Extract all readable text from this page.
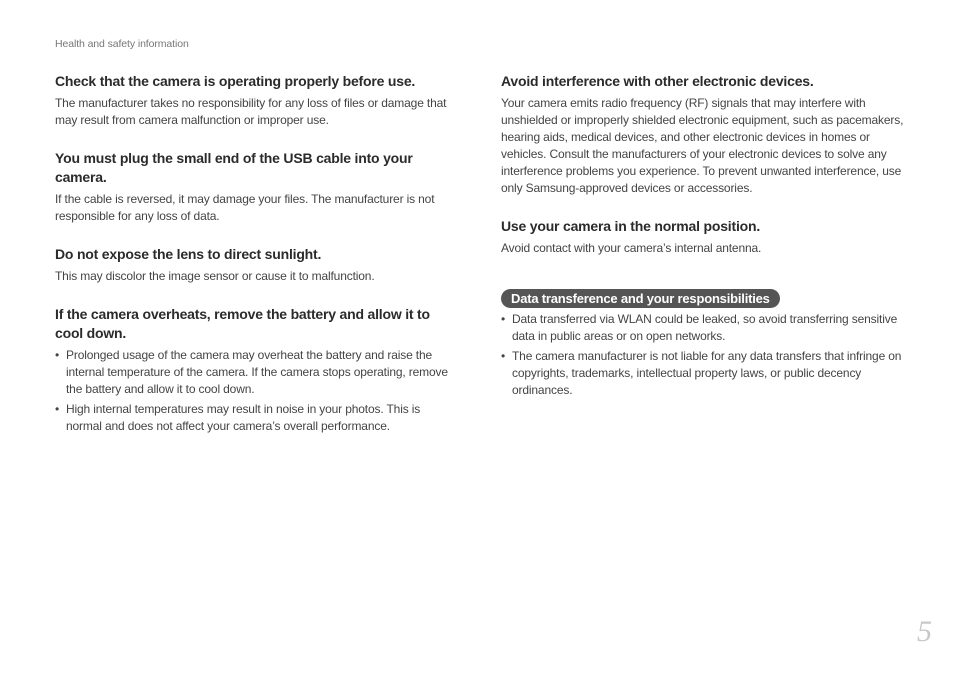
Health and safety information
Check that the camera is operating properly before use.

The manufacturer takes no responsibility for any loss of files or damage that may result from camera malfunction or improper use.

You must plug the small end of the USB cable into your camera.

If the cable is reversed, it may damage your files. The manufacturer is not responsible for any loss of data.

Do not expose the lens to direct sunlight.

This may discolor the image sensor or cause it to malfunction.

If the camera overheats, remove the battery and allow it to cool down.
• Prolonged usage of the camera may overheat the battery and raise the internal temperature of the camera. If the camera stops operating, remove the battery and allow it to cool down.
• High internal temperatures may result in noise in your photos. This is normal and does not affect your camera’s overall performance.
Avoid interference with other electronic devices.

Your camera emits radio frequency (RF) signals that may interfere with unshielded or improperly shielded electronic equipment, such as pacemakers, hearing aids, medical devices, and other electronic devices in homes or vehicles. Consult the manufacturers of your electronic devices to solve any interference problems you experience. To prevent unwanted interference, use only Samsung-approved devices or accessories.

Use your camera in the normal position.

Avoid contact with your camera’s internal antenna.

Data transference and your responsibilities
• Data transferred via WLAN could be leaked, so avoid transferring sensitive data in public areas or on open networks.
• The camera manufacturer is not liable for any data transfers that infringe on copyrights, trademarks, intellectual property laws, or public decency ordinances.
5
